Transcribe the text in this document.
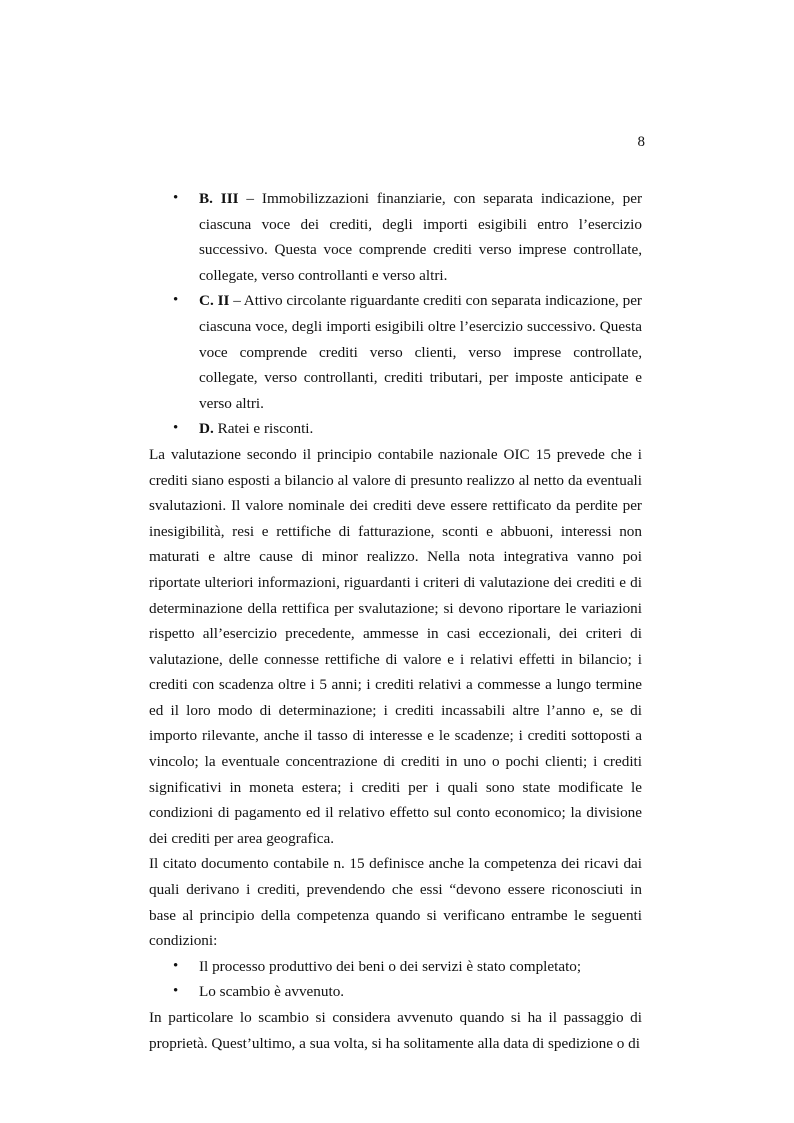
8
• B. III – Immobilizzazioni finanziarie, con separata indicazione, per ciascuna voce dei crediti, degli importi esigibili entro l’esercizio successivo. Questa voce comprende crediti verso imprese controllate, collegate, verso controllanti e verso altri.
• C. II – Attivo circolante riguardante crediti con separata indicazione, per ciascuna voce, degli importi esigibili oltre l’esercizio successivo. Questa voce comprende crediti verso clienti, verso imprese controllate, collegate, verso controllanti, crediti tributari, per imposte anticipate e verso altri.
• D. Ratei e risconti.

La valutazione secondo il principio contabile nazionale OIC 15 prevede che i crediti siano esposti a bilancio al valore di presunto realizzo al netto da eventuali svalutazioni. Il valore nominale dei crediti deve essere rettificato da perdite per inesigibilità, resi e rettifiche di fatturazione, sconti e abbuoni, interessi non maturati e altre cause di minor realizzo. Nella nota integrativa vanno poi riportate ulteriori informazioni, riguardanti i criteri di valutazione dei crediti e di determinazione della rettifica per svalutazione; si devono riportare le variazioni rispetto all’esercizio precedente, ammesse in casi eccezionali, dei criteri di valutazione, delle connesse rettifiche di valore e i relativi effetti in bilancio; i crediti con scadenza oltre i 5 anni; i crediti relativi a commesse a lungo termine ed il loro modo di determinazione; i crediti incassabili altre l’anno e, se di importo rilevante, anche il tasso di interesse e le scadenze; i crediti sottoposti a vincolo; la eventuale concentrazione di crediti in uno o pochi clienti; i crediti significativi in moneta estera; i crediti per i quali sono state modificate le condizioni di pagamento ed il relativo effetto sul conto economico; la divisione dei crediti per area geografica.

Il citato documento contabile n. 15 definisce anche la competenza dei ricavi dai quali derivano i crediti, prevendendo che essi “devono essere riconosciuti in base al principio della competenza quando si verificano entrambe le seguenti condizioni:

• Il processo produttivo dei beni o dei servizi è stato completato;
• Lo scambio è avvenuto.

In particolare lo scambio si considera avvenuto quando si ha il passaggio di proprietà. Quest’ultimo, a sua volta, si ha solitamente alla data di spedizione o di
